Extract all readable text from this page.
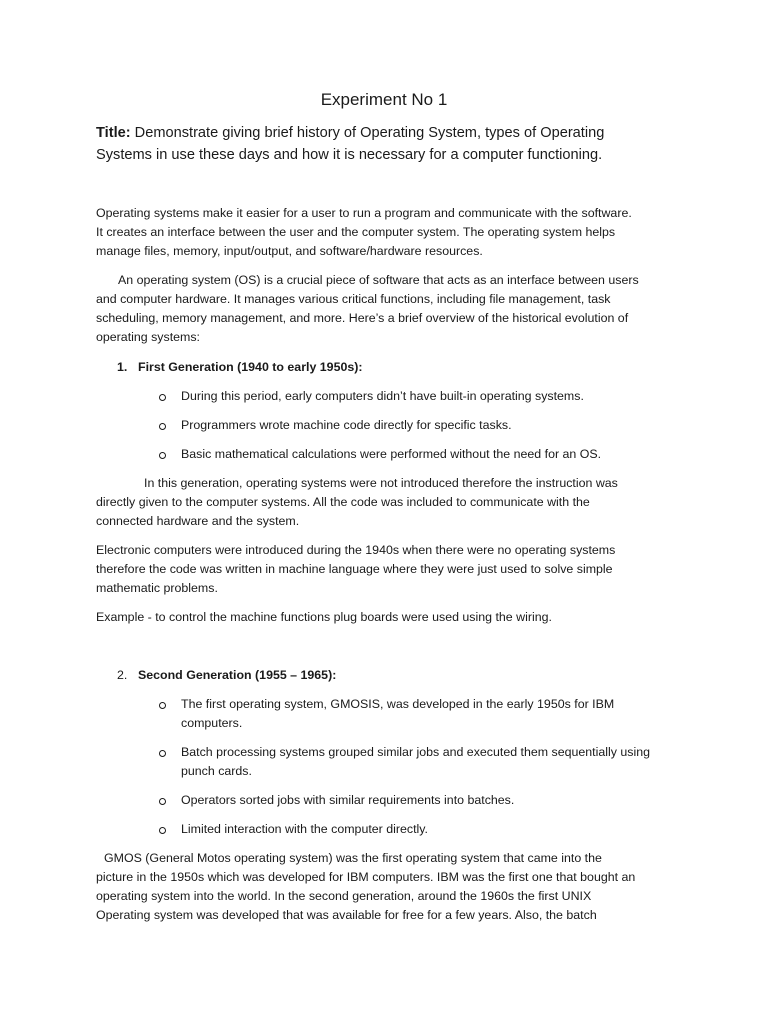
Experiment No 1
Title: Demonstrate giving brief history of Operating System, types of Operating Systems in use these days and how it is necessary for a computer functioning.
Operating systems make it easier for a user to run a program and communicate with the software.
It creates an interface between the user and the computer system. The operating system helps
manage files, memory, input/output, and software/hardware resources.
An operating system (OS) is a crucial piece of software that acts as an interface between users
and computer hardware. It manages various critical functions, including file management, task
scheduling, memory management, and more. Here’s a brief overview of the historical evolution of
operating systems:
1. First Generation (1940 to early 1950s):
During this period, early computers didn’t have built-in operating systems.
Programmers wrote machine code directly for specific tasks.
Basic mathematical calculations were performed without the need for an OS.
In this generation, operating systems were not introduced therefore the instruction was
directly given to the computer systems. All the code was included to communicate with the
connected hardware and the system.
Electronic computers were introduced during the 1940s when there were no operating systems
therefore the code was written in machine language where they were just used to solve simple
mathematic problems.
Example - to control the machine functions plug boards were used using the wiring.
2. Second Generation (1955 – 1965):
The first operating system, GMOSIS, was developed in the early 1950s for IBM
computers.
Batch processing systems grouped similar jobs and executed them sequentially using
punch cards.
Operators sorted jobs with similar requirements into batches.
Limited interaction with the computer directly.
GMOS (General Motos operating system) was the first operating system that came into the
picture in the 1950s which was developed for IBM computers. IBM was the first one that bought an
operating system into the world. In the second generation, around the 1960s the first UNIX
Operating system was developed that was available for free for a few years. Also, the batch
